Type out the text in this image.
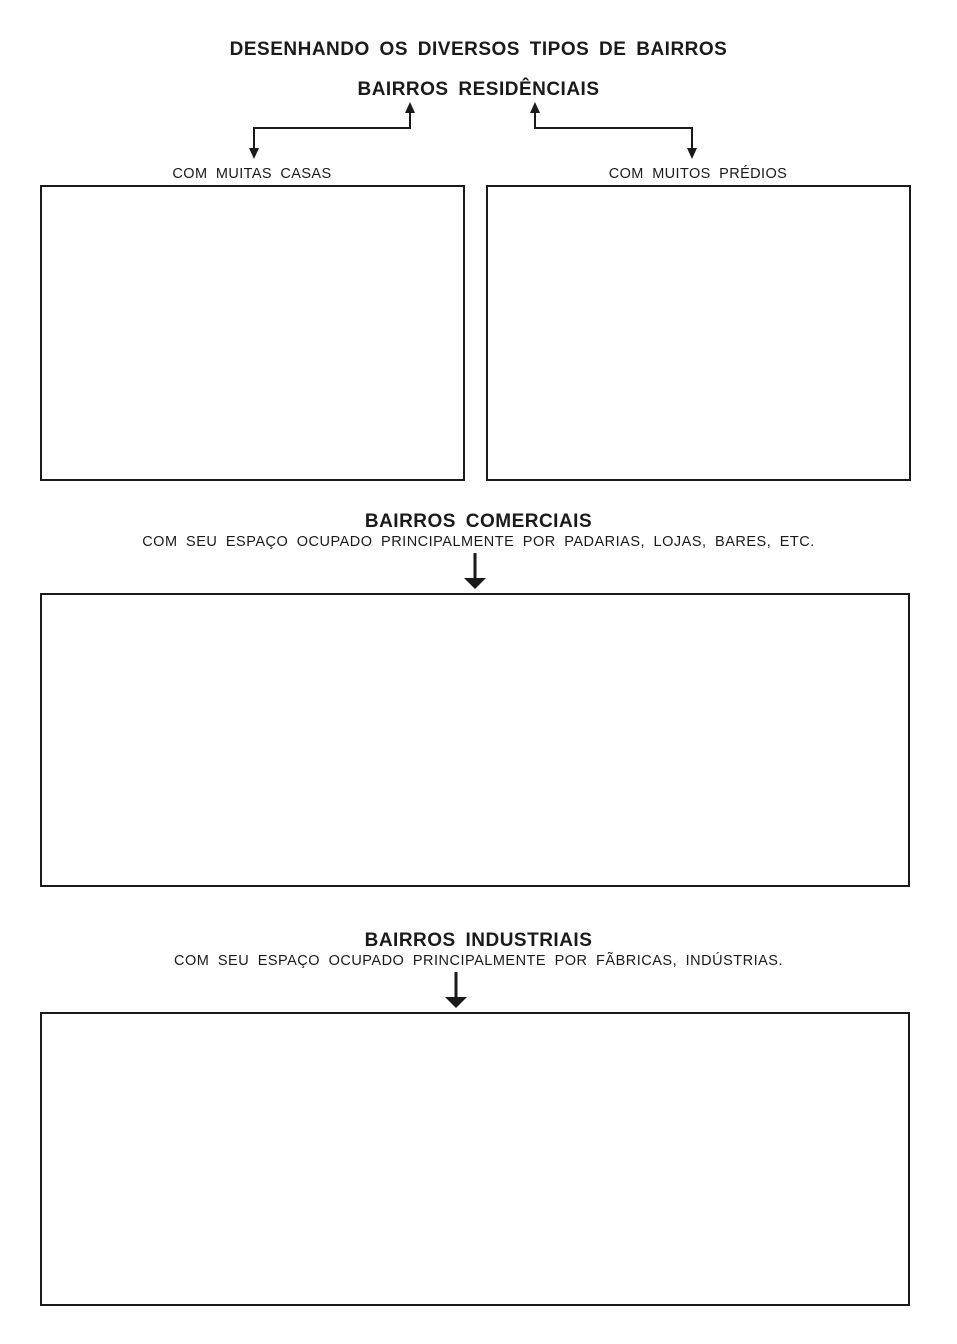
DESENHANDO OS DIVERSOS TIPOS DE BAIRROS
BAIRROS RESIDÊNCIAIS
COM MUITAS CASAS	COM MUITOS PRÉDIOS
BAIRROS COMERCIAIS
COM SEU ESPAÇO OCUPADO PRINCIPALMENTE POR PADARIAS, LOJAS, BARES, ETC.
BAIRROS INDUSTRIAIS
COM SEU ESPAÇO OCUPADO PRINCIPALMENTE POR FÃBRICAS, INDÚSTRIAS.
